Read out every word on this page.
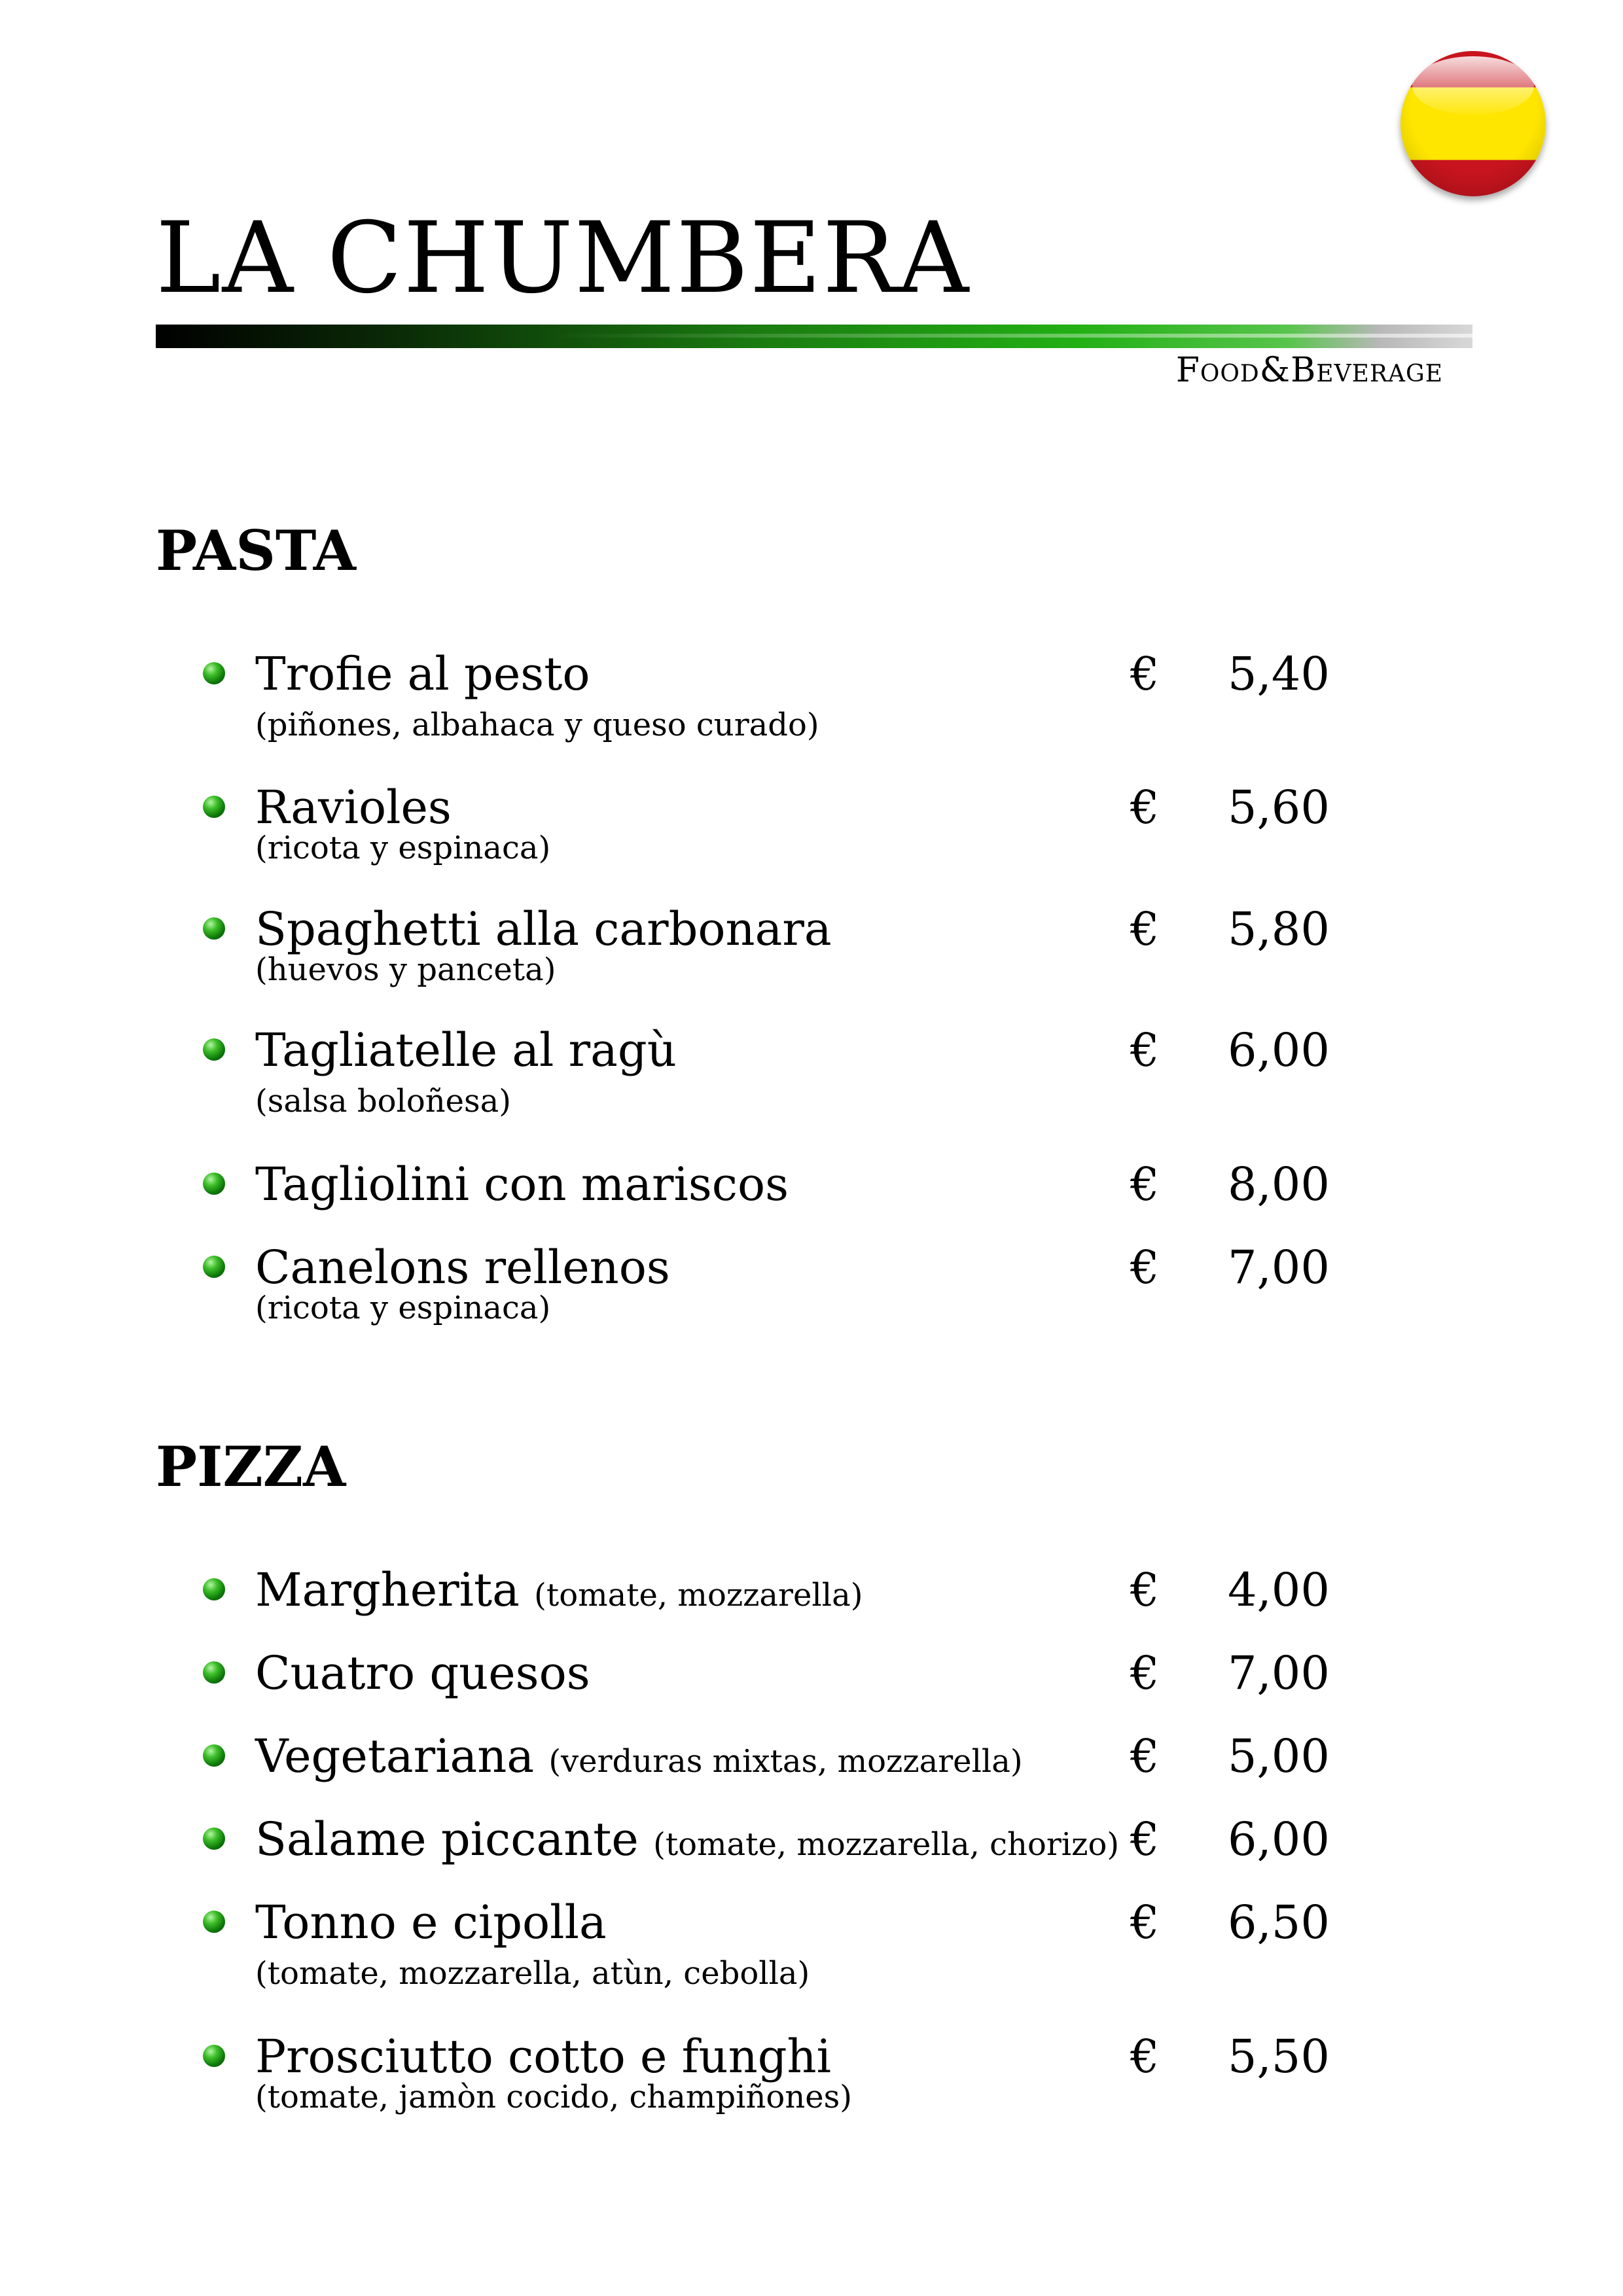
LA CHUMBERA
Food&Beverage
PASTA
Trofie al pesto	€ 5,40
(piñones, albahaca y queso curado)
Ravioles	€ 5,60
(ricota y espinaca)
Spaghetti alla carbonara	€ 5,80
(huevos y panceta)
Tagliatelle al ragù	€ 6,00
(salsa boloñesa)
Tagliolini con mariscos	€ 8,00
Canelons rellenos	€ 7,00
(ricota y espinaca)
PIZZA
Margherita (tomate, mozzarella)	€ 4,00
Cuatro quesos	€ 7,00
Vegetariana (verduras mixtas, mozzarella) € 5,00
Salame piccante (tomate, mozzarella, chorizo) € 6,00
Tonno e cipolla	€ 6,50
(tomate, mozzarella, atùn, cebolla)
Prosciutto cotto e funghi	€ 5,50
(tomate, jamòn cocido, champiñones)
